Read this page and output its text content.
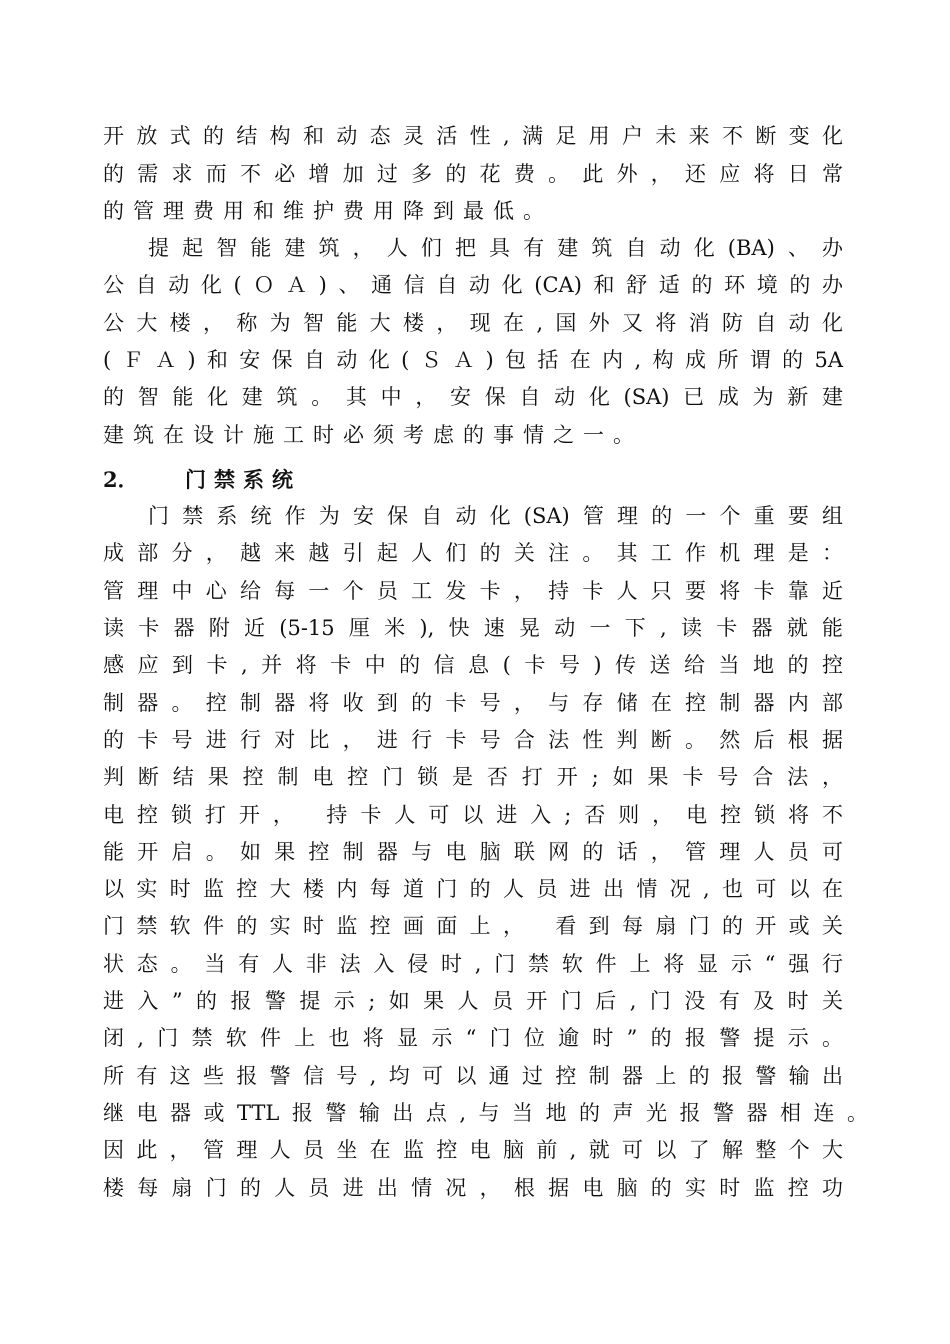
开放式的结构和动态灵活性,满足用户未来不断变化
的需求而不必增加过多的花费。此外，还应将日常
的管理费用和维护费用降到最低。
提起智能建筑，人们把具有建筑自动化(BA)、办
公自动化(ＯＡ)、通信自动化(CA)和舒适的环境的办
公大楼，称为智能大楼，现在,国外又将消防自动化
(ＦＡ)和安保自动化(ＳＡ)包括在内,构成所谓的5A
的智能化建筑。其中，安保自动化(SA)已成为新建
建筑在设计施工时必须考虑的事情之一。
2． 门禁系统
门禁系统作为安保自动化(SA)管理的一个重要组
成部分，越来越引起人们的关注。其工作机理是：
管理中心给每一个员工发卡，持卡人只要将卡靠近
读卡器附近(5-15厘米),快速晃动一下,读卡器就能
感应到卡,并将卡中的信息(卡号)传送给当地的控
制器。控制器将收到的卡号，与存储在控制器内部
的卡号进行对比，进行卡号合法性判断。然后根据
判断结果控制电控门锁是否打开;如果卡号合法，
电控锁打开， 持卡人可以进入;否则，电控锁将不
能开启。如果控制器与电脑联网的话，管理人员可
以实时监控大楼内每道门的人员进出情况,也可以在
门禁软件的实时监控画面上， 看到每扇门的开或关
状态。当有人非法入侵时,门禁软件上将显示“强行
进入”的报警提示;如果人员开门后,门没有及时关
闭,门禁软件上也将显示“门位逾时”的报警提示。
所有这些报警信号,均可以通过控制器上的报警输出
继电器或TTL报警输出点,与当地的声光报警器相连。
因此，管理人员坐在监控电脑前,就可以了解整个大
楼每扇门的人员进出情况，根据电脑的实时监控功
